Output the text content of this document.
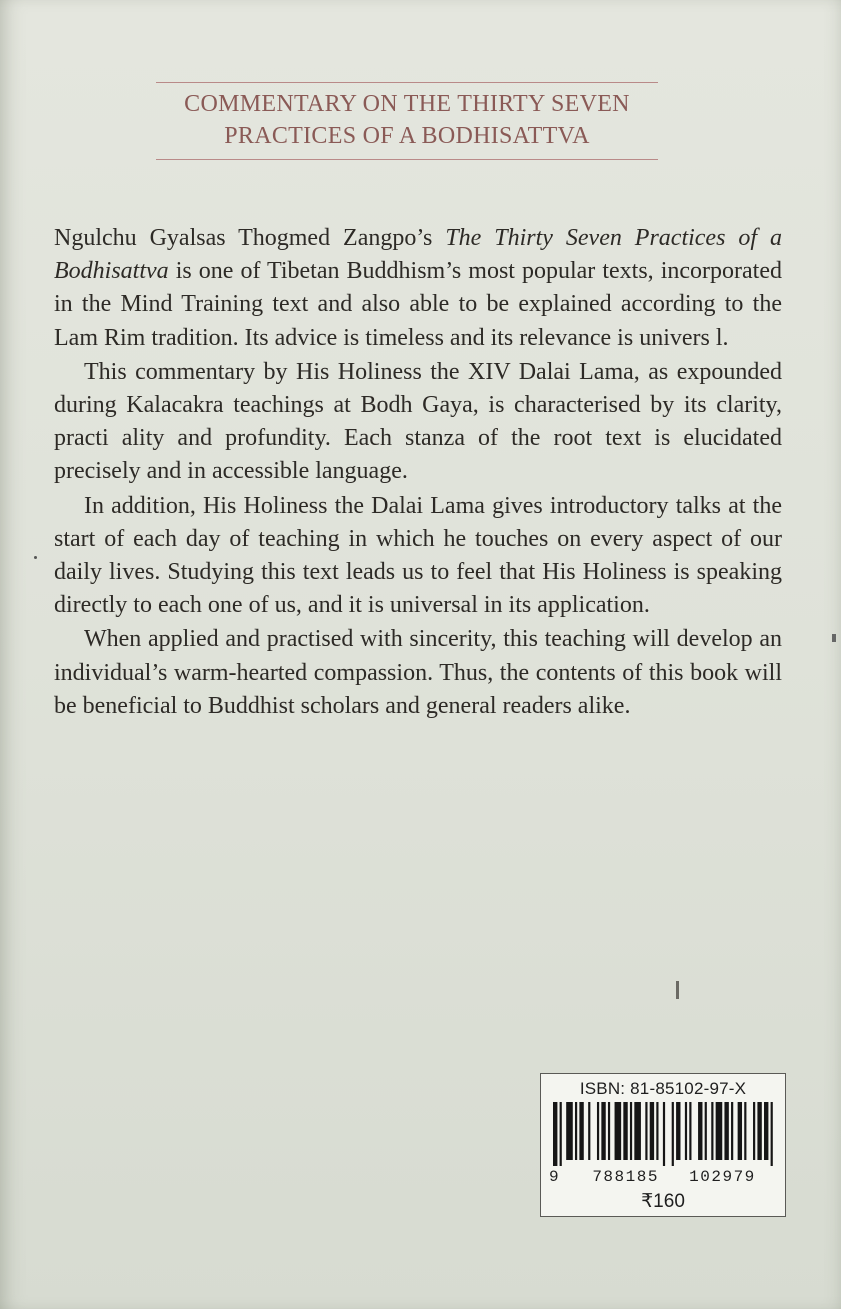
COMMENTARY ON THE THIRTY SEVEN
PRACTICES OF A BODHISATTVA

Ngulchu Gyalsas Thogmed Zangpo’s The Thirty Seven Practices of a Bodhisattva is one of Tibetan Buddhism’s most popular texts, incorporated in the Mind Training text and also able to be explained according to the Lam Rim tradition. Its advice is timeless and its relevance is univers l.

This commentary by His Holiness the XIV Dalai Lama, as expounded during Kalacakra teachings at Bodh Gaya, is characterised by its clarity, practi ality and profundity. Each stanza of the root text is elucidated precisely and in accessible language.

In addition, His Holiness the Dalai Lama gives introductory talks at the start of each day of teaching in which he touches on every aspect of our daily lives. Studying this text leads us to feel that His Holiness is speaking directly to each one of us, and it is universal in its application.

When applied and practised with sincerity, this teaching will develop an individual’s warm-hearted compassion. Thus, the contents of this book will be beneficial to Buddhist scholars and general readers alike.

ISBN: 81-85102-97-X
9 788185 102979
₹160
